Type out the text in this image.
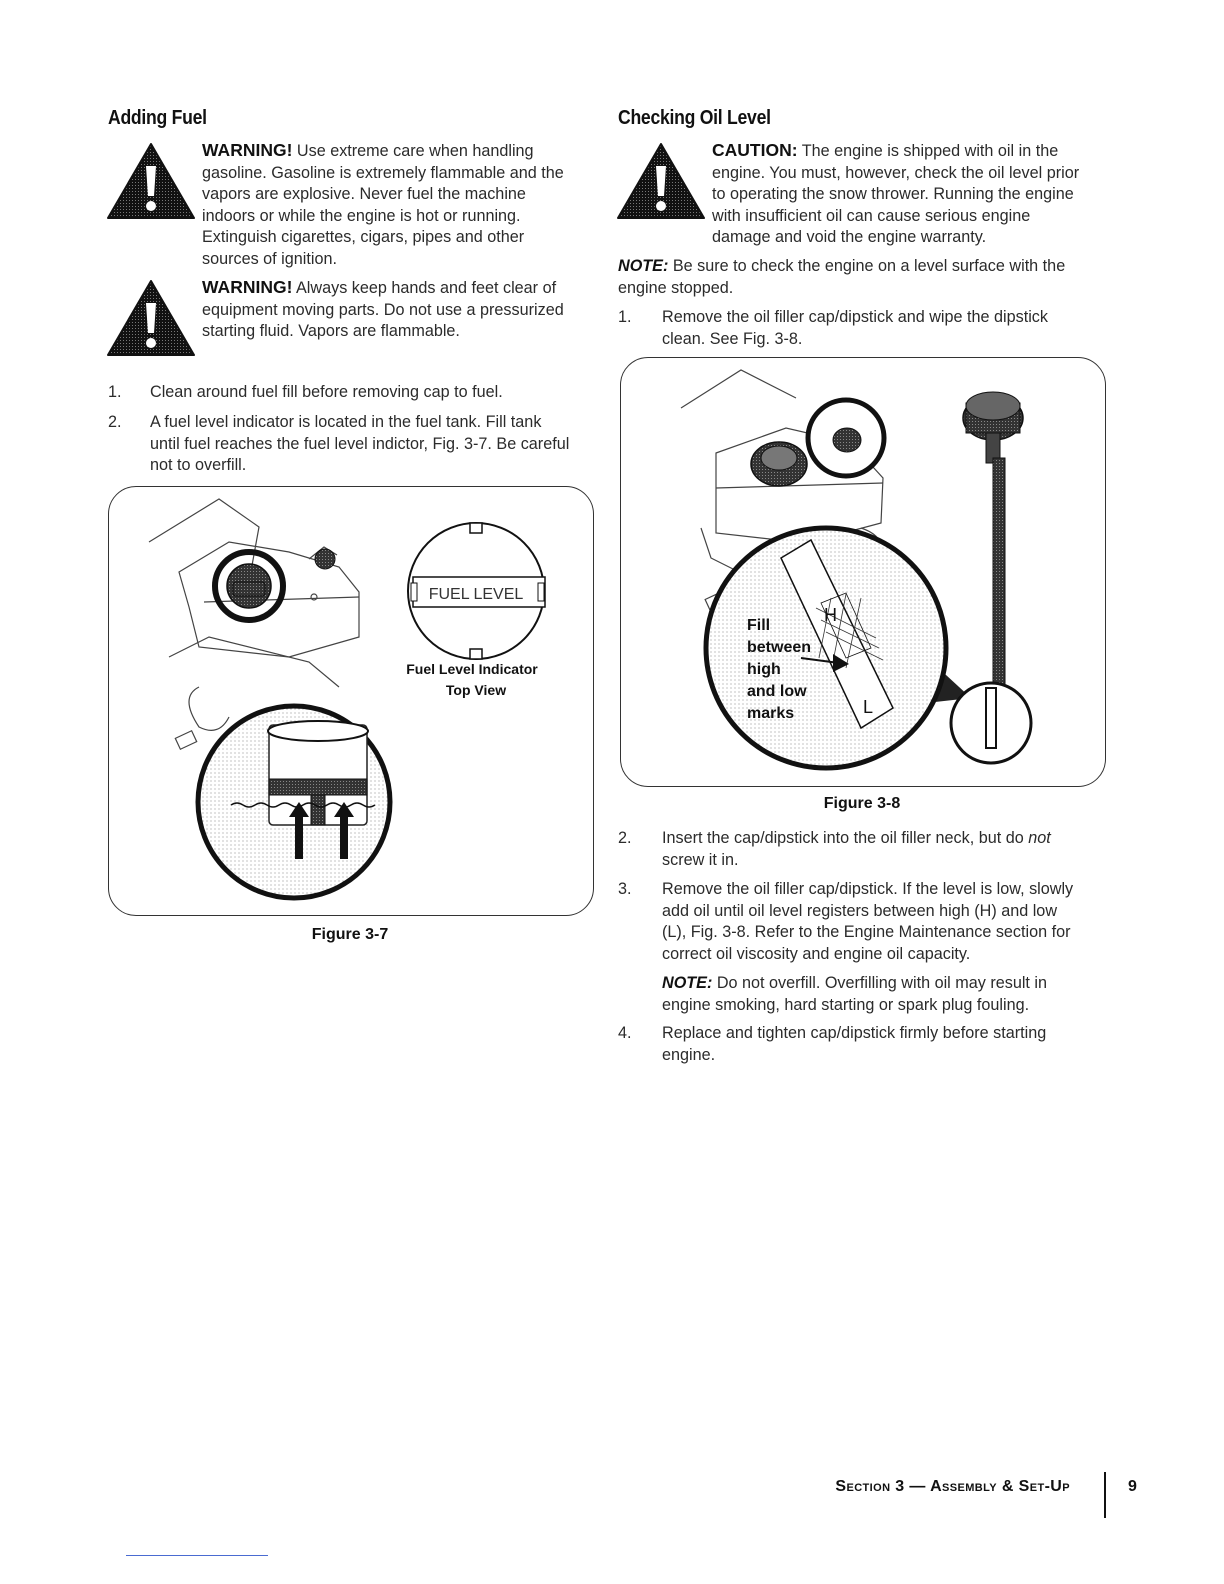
Adding Fuel

WARNING! Use extreme care when handling
gasoline. Gasoline is extremely flammable and the
vapors are explosive. Never fuel the machine
indoors or while the engine is hot or running.
Extinguish cigarettes, cigars, pipes and other
sources of ignition.

WARNING! Always keep hands and feet clear of
equipment moving parts. Do not use a pressurized
starting fluid. Vapors are flammable.

1.	Clean around fuel fill before removing cap to fuel.
2.	A fuel level indicator is located in the fuel tank. Fill tank
until fuel reaches the fuel level indictor, Fig. 3-7. Be careful
not to overfill.
FUEL LEVEL
Fuel Level Indicator
Top View
Figure 3-7
Checking Oil Level

CAUTION: The engine is shipped with oil in the
engine. You must, however, check the oil level prior
to operating the snow thrower. Running the engine
with insufficient oil can cause serious engine
damage and void the engine warranty.

NOTE: Be sure to check the engine on a level surface with the
engine stopped.

1.	Remove the oil filler cap/dipstick and wipe the dipstick
clean. See Fig. 3-8.
H
L
Fill
between
high
and low
marks
Figure 3-8
2.	Insert the cap/dipstick into the oil filler neck, but do not
screw it in.
3.	Remove the oil filler cap/dipstick. If the level is low, slowly
add oil until oil level registers between high (H) and low
(L), Fig. 3-8. Refer to the Engine Maintenance section for
correct oil viscosity and engine oil capacity.

NOTE: Do not overfill. Overfilling with oil may result in
engine smoking, hard starting or spark plug fouling.

4.	Replace and tighten cap/dipstick firmly before starting
engine.
Section 3 — Assembly & Set-Up	9
